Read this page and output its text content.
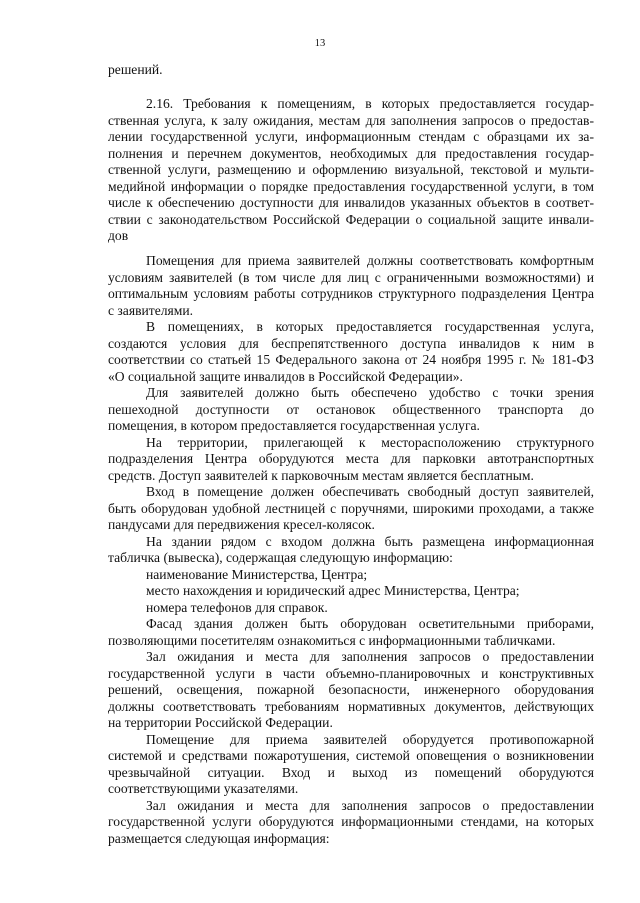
13

решений.

2.16. Требования к помещениям, в которых предоставляется государ-

ственная услуга, к залу ожидания, местам для заполнения запросов о предостав-

лении государственной услуги, информационным стендам с образцами их за-

полнения и перечнем документов, необходимых для предоставления государ-

ственной услуги, размещению и оформлению визуальной, текстовой и мульти-

медийной информации о порядке предоставления государственной услуги, в том

числе к обеспечению доступности для инвалидов указанных объектов в соответ-

ствии с законодательством Российской Федерации о социальной защите инвали-

дов

Помещения для приема заявителей должны соответствовать комфортным

условиям заявителей (в том числе для лиц с ограниченными возможностями) и

оптимальным условиям работы сотрудников структурного подразделения Центра

с заявителями.

В помещениях, в которых предоставляется государственная услуга,

создаются условия для беспрепятственного доступа инвалидов к ним в

соответствии со статьей 15 Федерального закона от 24 ноября 1995 г. № 181-ФЗ

«О социальной защите инвалидов в Российской Федерации».

Для заявителей должно быть обеспечено удобство с точки зрения

пешеходной доступности от остановок общественного транспорта до

помещения, в котором предоставляется государственная услуга.

На территории, прилегающей к месторасположению структурного

подразделения Центра оборудуются места для парковки автотранспортных

средств. Доступ заявителей к парковочным местам является бесплатным.

Вход в помещение должен обеспечивать свободный доступ заявителей,

быть оборудован удобной лестницей с поручнями, широкими проходами, а также

пандусами для передвижения кресел-колясок.

На здании рядом с входом должна быть размещена информационная

табличка (вывеска), содержащая следующую информацию:

наименование Министерства, Центра;

место нахождения и юридический адрес Министерства, Центра;

номера телефонов для справок.

Фасад здания должен быть оборудован осветительными приборами,

позволяющими посетителям ознакомиться с информационными табличками.

Зал ожидания и места для заполнения запросов о предоставлении

государственной услуги в части объемно-планировочных и конструктивных

решений, освещения, пожарной безопасности, инженерного оборудования

должны соответствовать требованиям нормативных документов, действующих

на территории Российской Федерации.

Помещение для приема заявителей оборудуется противопожарной

системой и средствами пожаротушения, системой оповещения о возникновении

чрезвычайной ситуации. Вход и выход из помещений оборудуются

соответствующими указателями.

Зал ожидания и места для заполнения запросов о предоставлении

государственной услуги оборудуются информационными стендами, на которых

размещается следующая информация:
